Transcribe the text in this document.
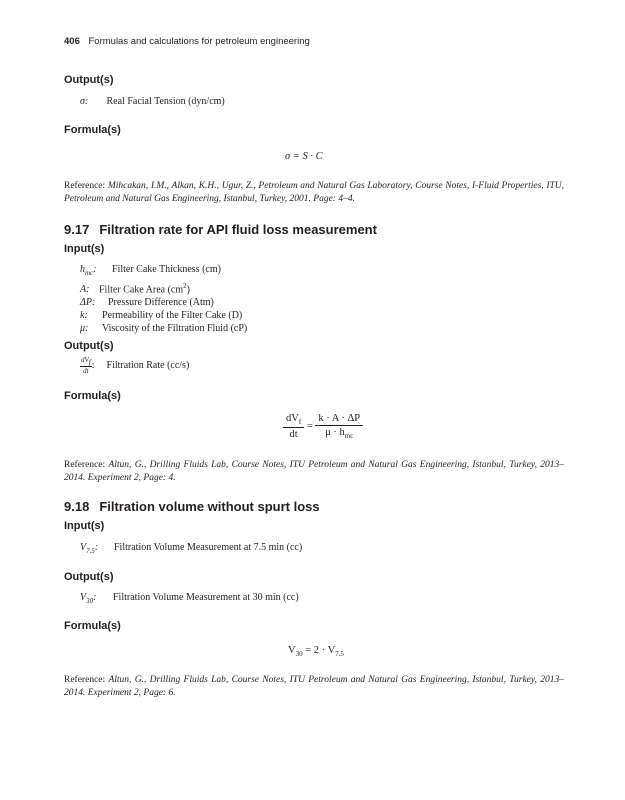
406 Formulas and calculations for petroleum engineering
Output(s)
σ: Real Facial Tension (dyn/cm)
Formula(s)
σ = S · C
Reference: Mihcakan, I.M., Alkan, K.H., Ugur, Z., Petroleum and Natural Gas Laboratory, Course Notes, I-Fluid Properties, ITU, Petroleum and Natural Gas Engineering, Istanbul, Turkey, 2001. Page: 4–4.
9.17 Filtration rate for API fluid loss measurement
Input(s)
$h_{mc}$: Filter Cake Thickness (cm)
A: Filter Cake Area $(cm^2)$
ΔP: Pressure Difference (Atm)
k: Permeability of the Filter Cake (D)
μ: Viscosity of the Filtration Fluid (cP)
Output(s)
$dV_f$
dt
: Filtration Rate (cc/s)
Formula(s)
$\frac{dV_f}{dt} = \frac{k \cdot A \cdot \Delta P}{\mu \cdot h_{mc}}$
Reference: Altun, G., Drilling Fluids Lab, Course Notes, ITU Petroleum and Natural Gas Engineering, Istanbul, Turkey, 2013–2014. Experiment 2, Page: 4.
9.18 Filtration volume without spurt loss
Input(s)
$V_{7.5}$: Filtration Volume Measurement at 7.5 min (cc)
Output(s)
$V_{30}$: Filtration Volume Measurement at 30 min (cc)
Formula(s)
$V_{30} = 2 \cdot V_{7.5}$
Reference: Altun, G., Drilling Fluids Lab, Course Notes, ITU Petroleum and Natural Gas Engineering, Istanbul, Turkey, 2013–2014. Experiment 2, Page: 6.
